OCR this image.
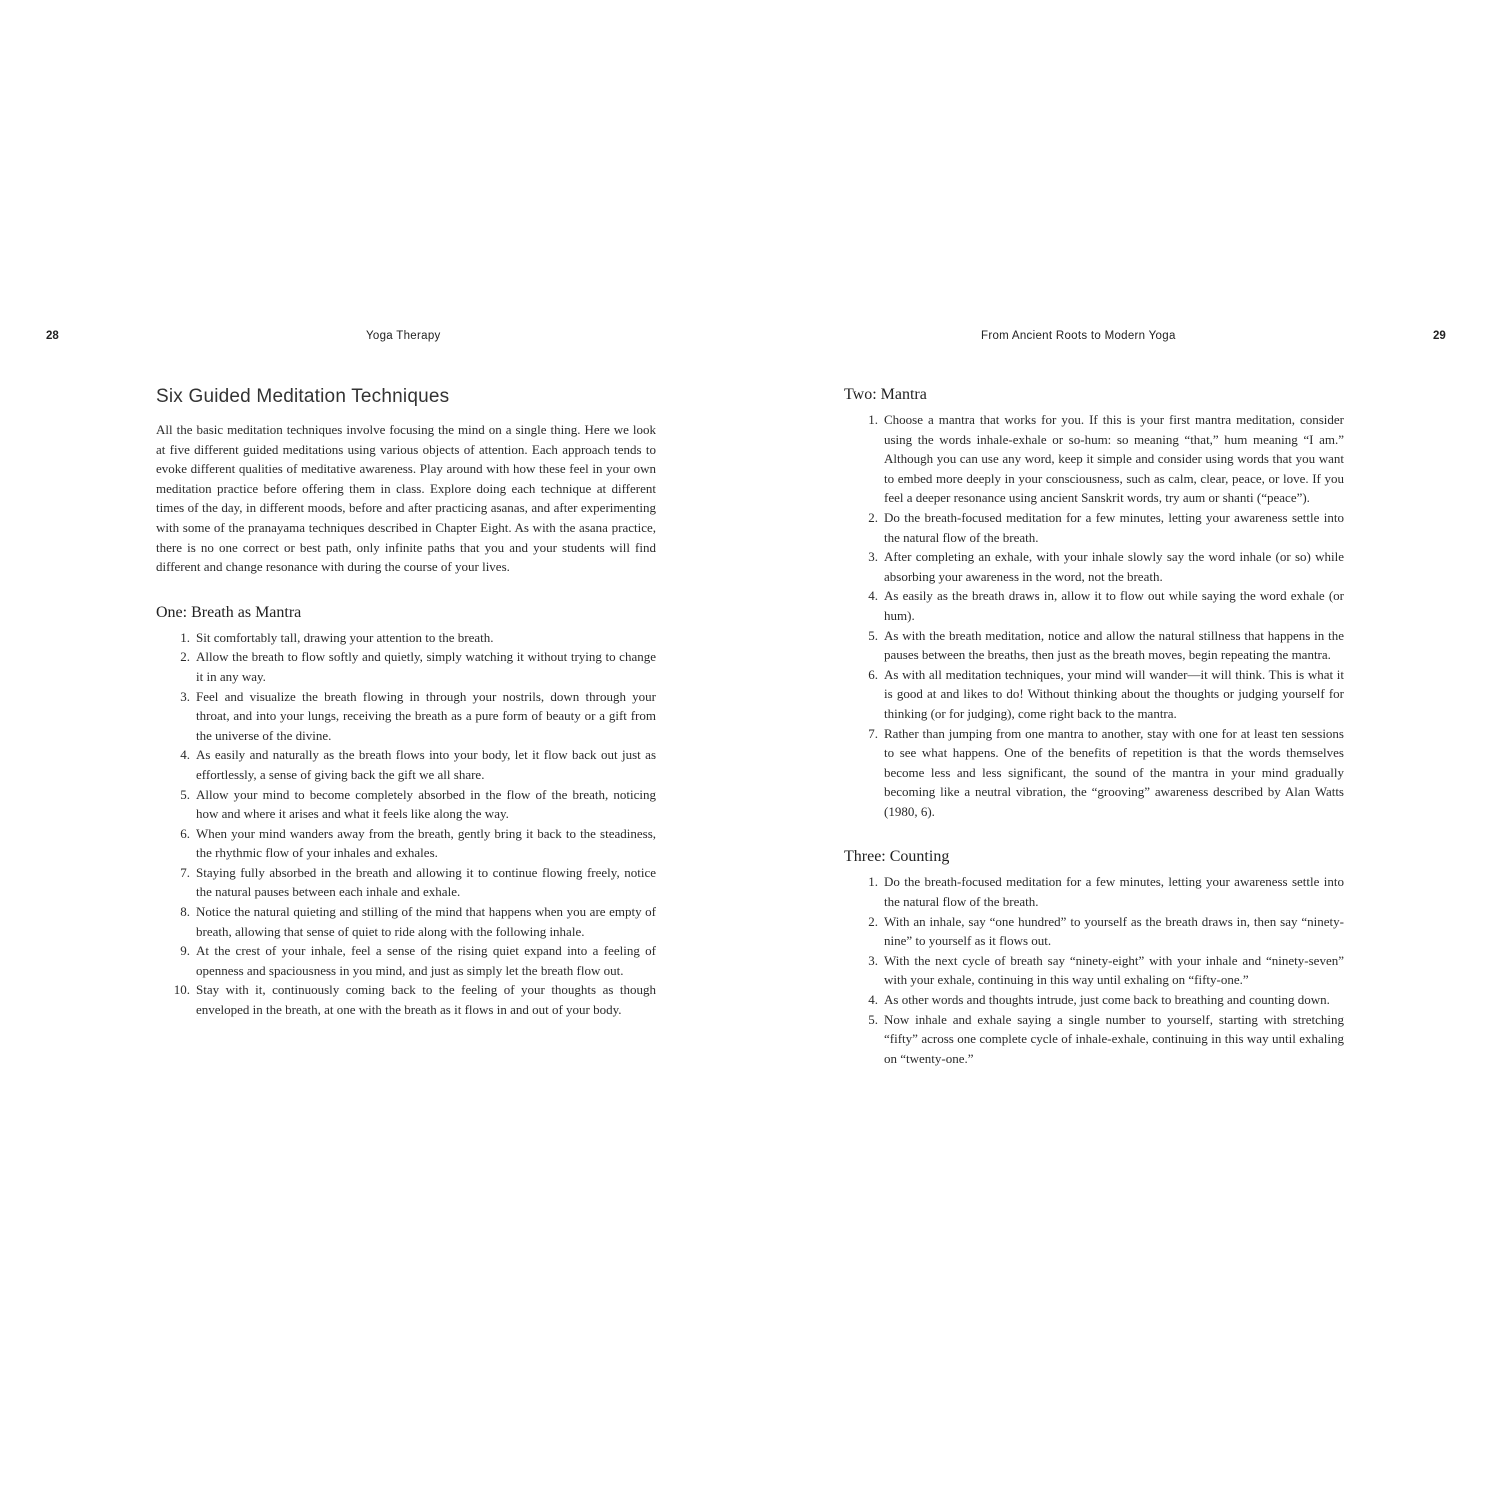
28	Yoga Therapy	From Ancient Roots to Modern Yoga	29
Six Guided Meditation Techniques

All the basic meditation techniques involve focusing the mind on a single thing. Here we look at five different guided meditations using various objects of attention. Each approach tends to evoke different qualities of meditative awareness. Play around with how these feel in your own meditation practice before offering them in class. Explore doing each technique at different times of the day, in different moods, before and after practicing asanas, and after experimenting with some of the pranayama techniques described in Chapter Eight. As with the asana practice, there is no one correct or best path, only infinite paths that you and your students will find different and change resonance with during the course of your lives.

One: Breath as Mantra
1. Sit comfortably tall, drawing your attention to the breath.
2. Allow the breath to flow softly and quietly, simply watching it without trying to change it in any way.
3. Feel and visualize the breath flowing in through your nostrils, down through your throat, and into your lungs, receiving the breath as a pure form of beauty or a gift from the universe of the divine.
4. As easily and naturally as the breath flows into your body, let it flow back out just as effortlessly, a sense of giving back the gift we all share.
5. Allow your mind to become completely absorbed in the flow of the breath, noticing how and where it arises and what it feels like along the way.
6. When your mind wanders away from the breath, gently bring it back to the steadiness, the rhythmic flow of your inhales and exhales.
7. Staying fully absorbed in the breath and allowing it to continue flowing freely, notice the natural pauses between each inhale and exhale.
8. Notice the natural quieting and stilling of the mind that happens when you are empty of breath, allowing that sense of quiet to ride along with the following inhale.
9. At the crest of your inhale, feel a sense of the rising quiet expand into a feeling of openness and spaciousness in you mind, and just as simply let the breath flow out.
10. Stay with it, continuously coming back to the feeling of your thoughts as though enveloped in the breath, at one with the breath as it flows in and out of your body.
Two: Mantra
1. Choose a mantra that works for you. If this is your first mantra meditation, consider using the words inhale-exhale or so-hum: so meaning “that,” hum meaning “I am.” Although you can use any word, keep it simple and consider using words that you want to embed more deeply in your consciousness, such as calm, clear, peace, or love. If you feel a deeper resonance using ancient Sanskrit words, try aum or shanti (“peace”).
2. Do the breath-focused meditation for a few minutes, letting your awareness settle into the natural flow of the breath.
3. After completing an exhale, with your inhale slowly say the word inhale (or so) while absorbing your awareness in the word, not the breath.
4. As easily as the breath draws in, allow it to flow out while saying the word exhale (or hum).
5. As with the breath meditation, notice and allow the natural stillness that happens in the pauses between the breaths, then just as the breath moves, begin repeating the mantra.
6. As with all meditation techniques, your mind will wander—it will think. This is what it is good at and likes to do! Without thinking about the thoughts or judging yourself for thinking (or for judging), come right back to the mantra.
7. Rather than jumping from one mantra to another, stay with one for at least ten sessions to see what happens. One of the benefits of repetition is that the words themselves become less and less significant, the sound of the mantra in your mind gradually becoming like a neutral vibration, the “grooving” awareness described by Alan Watts (1980, 6).
Three: Counting
1. Do the breath-focused meditation for a few minutes, letting your awareness settle into the natural flow of the breath.
2. With an inhale, say “one hundred” to yourself as the breath draws in, then say “ninety-nine” to yourself as it flows out.
3. With the next cycle of breath say “ninety-eight” with your inhale and “ninety-seven” with your exhale, continuing in this way until exhaling on “fifty-one.”
4. As other words and thoughts intrude, just come back to breathing and counting down.
5. Now inhale and exhale saying a single number to yourself, starting with stretching “fifty” across one complete cycle of inhale-exhale, continuing in this way until exhaling on “twenty-one.”
